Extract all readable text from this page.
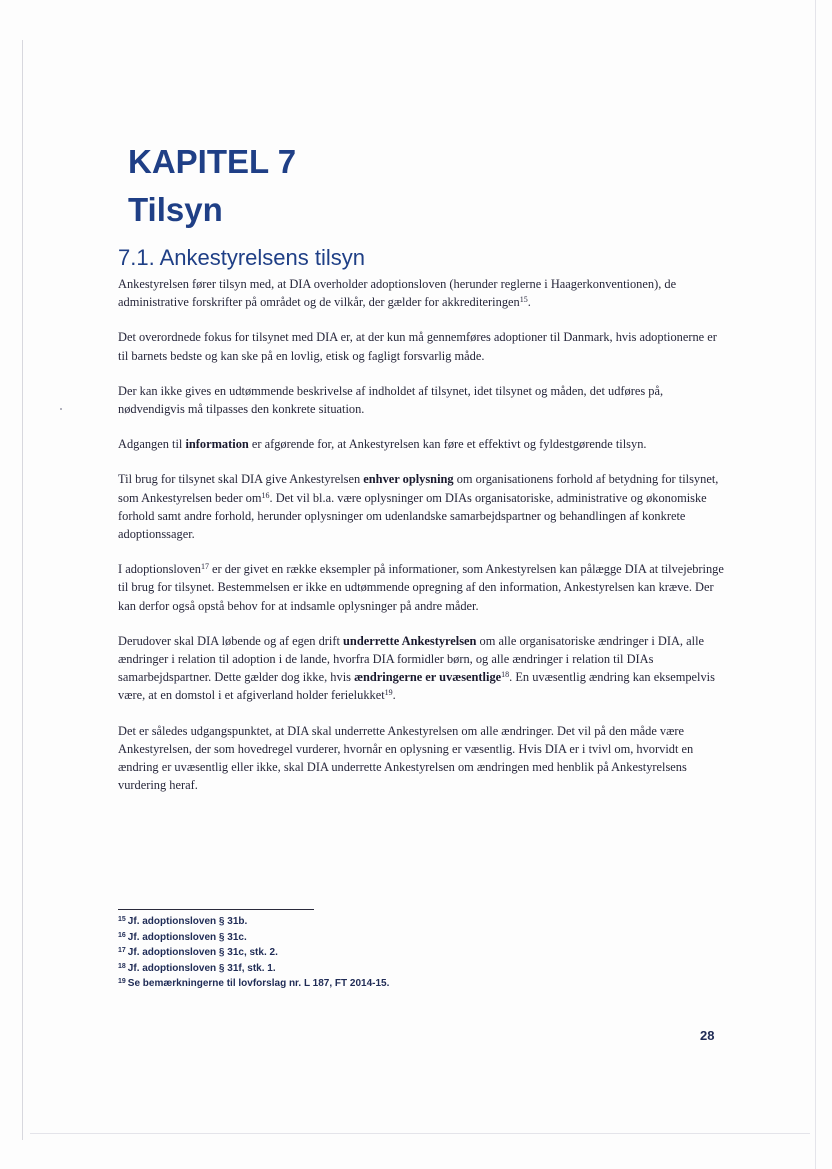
KAPITEL 7
Tilsyn
7.1. Ankestyrelsens tilsyn

Ankestyrelsen fører tilsyn med, at DIA overholder adoptionsloven (herunder reglerne i Haagerkonventionen), de administrative forskrifter på området og de vilkår, der gælder for akkrediteringen$^{15}$.

Det overordnede fokus for tilsynet med DIA er, at der kun må gennemføres adoptioner til Danmark, hvis adoptionerne er til barnets bedste og kan ske på en lovlig, etisk og fagligt forsvarlig måde.

Der kan ikke gives en udtømmende beskrivelse af indholdet af tilsynet, idet tilsynet og måden, det udføres på, nødvendigvis må tilpasses den konkrete situation.

Adgangen til information er afgørende for, at Ankestyrelsen kan føre et effektivt og fyldestgørende tilsyn.

Til brug for tilsynet skal DIA give Ankestyrelsen enhver oplysning om organisationens forhold af betydning for tilsynet, som Ankestyrelsen beder $om^{16}$. Det vil bl.a. være oplysninger om DIAs organisatoriske, administrative og økonomiske forhold samt andre forhold, herunder oplysninger om udenlandske samarbejdspartner og behandlingen af konkrete adoptionssager.

I adoptionsloven$^{17}$ er der givet en række eksempler på informationer, som Ankestyrelsen kan pålægge DIA at tilvejebringe til brug for tilsynet. Bestemmelsen er ikke en udtømmende opregning af den information, Ankestyrelsen kan kræve. Der kan derfor også opstå behov for at indsamle oplysninger på andre måder.

Derudover skal DIA løbende og af egen drift underrette Ankestyrelsen om alle organisatoriske ændringer i DIA, alle ændringer i relation til adoption i de lande, hvorfra DIA formidler børn, og alle ændringer i relation til DIAs samarbejdspartner. Dette gælder dog ikke, hvis ændringerne er uvæsentlige$^{18}$. En uvæsentlig ændring kan eksempelvis være, at en domstol i et afgiverland holder ferielukket$^{19}$.

Det er således udgangspunktet, at DIA skal underrette Ankestyrelsen om alle ændringer. Det vil på den måde være Ankestyrelsen, der som hovedregel vurderer, hvornår en oplysning er væsentlig. Hvis DIA er i tvivl om, hvorvidt en ændring er uvæsentlig eller ikke, skal DIA underrette Ankestyrelsen om ændringen med henblik på Ankestyrelsens vurdering heraf.

$^{15}$ Jf. adoptionsloven § 31b.
$^{16}$ Jf. adoptionsloven § 31c.
$^{17}$ Jf. adoptionsloven § 31c, stk. 2.
$^{18}$ Jf. adoptionsloven § 31f, stk. 1.
$^{19}$ Se bemærkningerne til lovforslag nr. L 187, FT 2014-15.
28
